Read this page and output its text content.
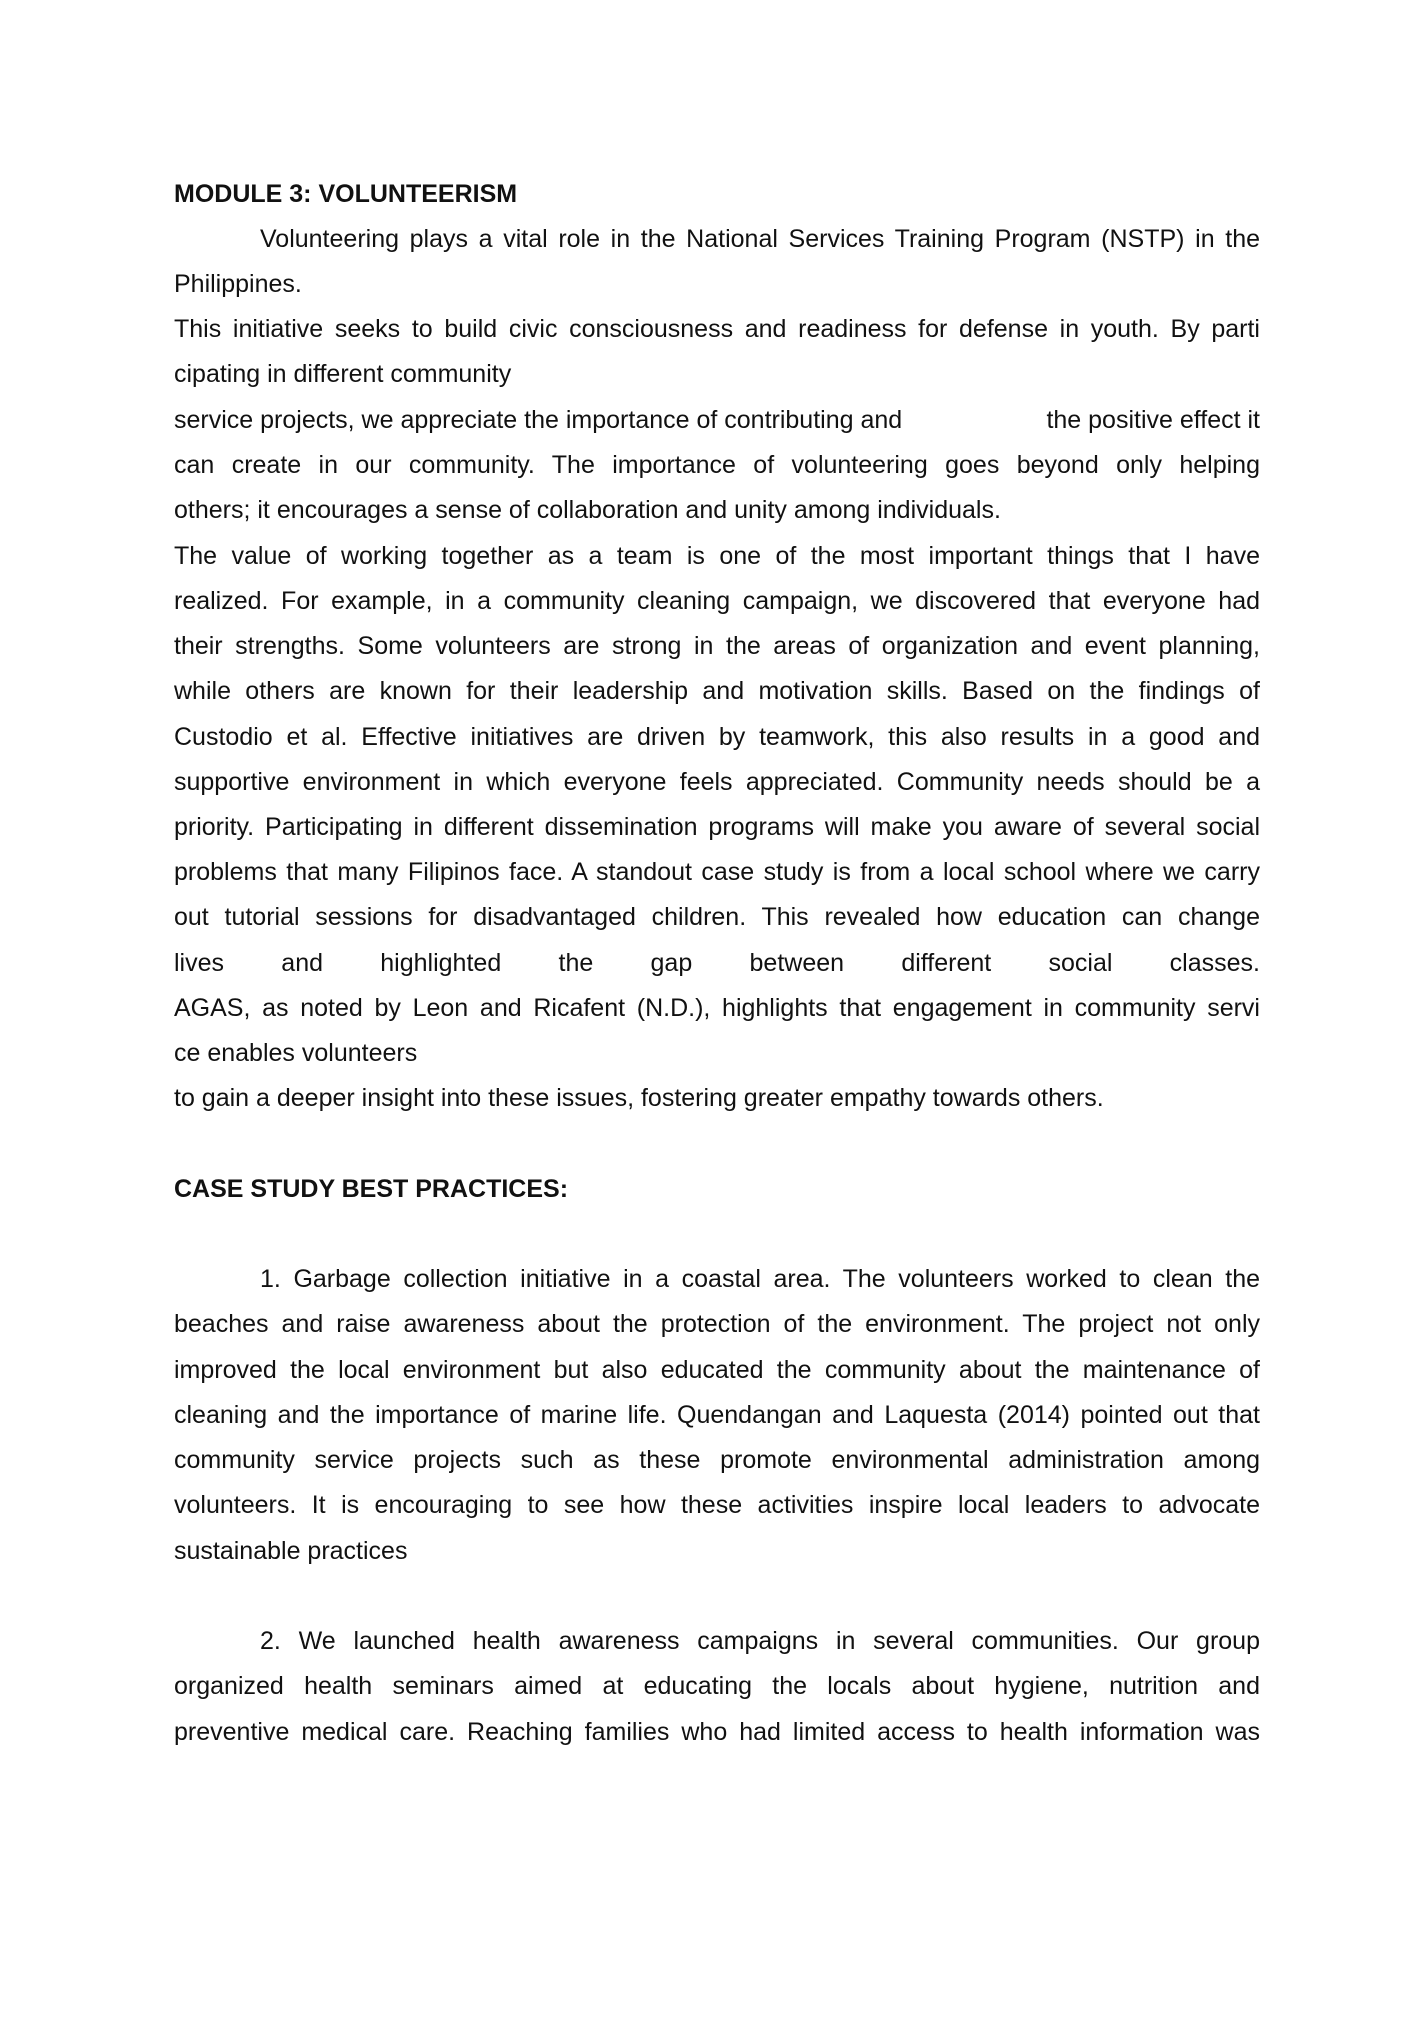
MODULE 3: VOLUNTEERISM
Volunteering plays a vital role in the National Services Training Program (NSTP) in the
Philippines.
This initiative seeks to build civic consciousness and readiness for defense in youth. By parti
cipating in different community
service projects, we appreciate the importance of contributing and	the positive effect it
can create in our community. The importance of volunteering goes beyond only helping
others; it encourages a sense of collaboration and unity among individuals.
The value of working together as a team is one of the most important things that I have
realized. For example, in a community cleaning campaign, we discovered that everyone had
their strengths. Some volunteers are strong in the areas of organization and event planning,
while others are known for their leadership and motivation skills. Based on the findings of
Custodio et al. Effective initiatives are driven by teamwork, this also results in a good and
supportive environment in which everyone feels appreciated. Community needs should be a
priority. Participating in different dissemination programs will make you aware of several social
problems that many Filipinos face. A standout case study is from a local school where we carry
out tutorial sessions for disadvantaged children. This revealed how education can change
lives and highlighted the gap between different social classes.
AGAS, as noted by Leon and Ricafent (N.D.), highlights that engagement in community servi
ce enables volunteers
to gain a deeper insight into these issues, fostering greater empathy towards others.
CASE STUDY BEST PRACTICES:
1. Garbage collection initiative in a coastal area. The volunteers worked to clean the
beaches and raise awareness about the protection of the environment. The project not only
improved the local environment but also educated the community about the maintenance of
cleaning and the importance of marine life. Quendangan and Laquesta (2014) pointed out that
community service projects such as these promote environmental administration among
volunteers. It is encouraging to see how these activities inspire local leaders to advocate
sustainable practices
2. We launched health awareness campaigns in several communities. Our group
organized health seminars aimed at educating the locals about hygiene, nutrition and
preventive medical care. Reaching families who had limited access to health information was
